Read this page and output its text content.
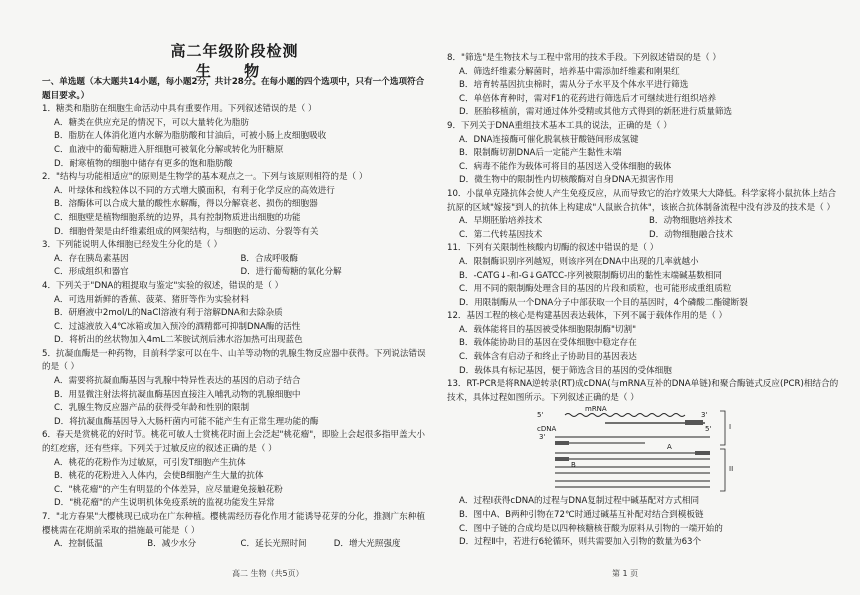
高二年级阶段检测
生 物

一、单选题（本大题共14小题，每小题2分，共计28分。在每小题的四个选项中，只有一个选项符合题目要求。）

1．糖类和脂肪在细胞生命活动中具有重要作用。下列叙述错误的是（ ）

A．糖类在供应充足的情况下，可以大量转化为脂肪

B．脂肪在人体消化道内水解为脂肪酸和甘油后，可被小肠上皮细胞吸收

C．血液中的葡萄糖进入肝细胞可被氧化分解或转化为肝糖原

D．耐寒植物的细胞中储存有更多的饱和脂肪酸

2．"结构与功能相适应"的原则是生物学的基本观点之一。下列与该原则相符的是（ ）

A．叶绿体和线粒体以不同的方式增大膜面积，有利于化学反应的高效进行

B．溶酶体可以合成大量的酸性水解酶，得以分解衰老、损伤的细胞器

C．细胞壁是植物细胞系统的边界，具有控制物质进出细胞的功能

D．细胞骨架是由纤维素组成的网架结构，与细胞的运动、分裂等有关

3．下列能说明人体细胞已经发生分化的是（ ）

A．存在胰岛素基因	B．合成呼吸酶
C．形成组织和器官	D．进行葡萄糖的氧化分解

4．下列关于"DNA的粗提取与鉴定"实验的叙述，错误的是（ ）

A．可选用新鲜的香蕉、菠菜、猪肝等作为实验材料

B．研磨液中2mol/L的NaCl溶液有利于溶解DNA和去除杂质

C．过滤液放入4℃冰箱或加入预冷的酒精都可抑制DNA酶的活性

D．将析出的丝状物加入4mL二苯胺试剂后沸水浴加热可出现蓝色

5．抗凝血酶是一种药物，目前科学家可以在牛、山羊等动物的乳腺生物反应器中获得。下列说法错误的是（ ）

A．需要将抗凝血酶基因与乳腺中特异性表达的基因的启动子结合

B．用显微注射法将抗凝血酶基因直接注入哺乳动物的乳腺细胞中

C．乳腺生物反应器产品的获得受年龄和性别的限制

D．将抗凝血酶基因导入大肠杆菌内可能不能产生有正常生理功能的酶

6．春天是赏桃花的好时节。桃花可敏人士赏桃花时面上会泛起"桃花瘤"，即脸上会起很多指甲盖大小的红疙瘩，还有些痒。下列关于过敏反应的叙述正确的是（ ）

A．桃花的花粉作为过敏原，可引发T细胞产生抗体

B．桃花的花粉进入人体内，会使B细胞产生大量的抗体

C．"桃花瘤"的产生有明显的个体差异，应尽量避免接触花粉

D．"桃花瘤"的产生说明机体免疫系统的监视功能发生异常

7．"北方春果"大樱桃现已成功在广东种植。樱桃需经历春化作用才能诱导花芽的分化，推测广东种植樱桃需在花期前采取的措施最可能是（ ）

A．控制低温	B．减少水分	C．延长光照时间	D．增大光照强度

8．"筛选"是生物技术与工程中常用的技术手段。下列叙述错误的是（ ）

A．筛选纤维素分解菌时，培养基中需添加纤维素和刚果红

B．培育转基因抗虫棉时，需从分子水平及个体水平进行筛选

C．单倍体育种时，需对F1的花药进行筛选后才可继续进行组织培养

D．胚胎移植前，需对通过体外受精或其他方式得到的新胚进行质量筛选

9．下列关于DNA重组技术基本工具的说法，正确的是（ ）

A．DNA连接酶可催化脱氧核苷酸链间形成氢键

B．限制酶切割DNA后一定能产生黏性末端

C．病毒不能作为载体可将目的基因送入受体细胞的载体

D．微生物中的限制性内切核酸酶对自身DNA无损害作用

10．小鼠单克隆抗体会使人产生免疫反应，从而导致它的治疗效果大大降低。科学家将小鼠抗体上结合抗原的区域"嫁接"到人的抗体上构建成"人鼠嵌合抗体"，该嵌合抗体制备流程中没有涉及的技术是（ ）

A．早期胚胎培养技术	B．动物细胞培养技术
C．第二代转基因技术	D．动物细胞融合技术

11．下列有关限制性核酸内切酶的叙述中错误的是（ ）

A．限制酶识别序列越短，则该序列在DNA中出现的几率就越小

B．-CATG↓-和-G↓GATCC-序列被限制酶切出的黏性末端碱基数相同

C．用不同的限制酶处理含目的基因的片段和质粒，也可能形成重组质粒

D．用限制酶从一个DNA分子中部获取一个目的基因时，4个磷酸二酯键断裂

12．基因工程的核心是构建基因表达载体，下列不属于载体作用的是（ ）

A．载体能将目的基因被受体细胞限制酶"切割"

B．载体能协助目的基因在受体细胞中稳定存在

C．载体含有启动子和终止子协助目的基因表达

D．载体具有标记基因，便于筛选含目的基因的受体细胞

13．RT-PCR是将RNA逆转录(RT)成cDNA(与mRNA互补的DNA单链)和聚合酶链式反应(PCR)相结合的技术，具体过程如图所示。下列叙述正确的是（ ）

mRNA
5'	3'
cDNA	5'
3'
A
B
I
II

A．过程Ⅰ获得cDNA的过程与DNA复制过程中碱基配对方式相同

B．图中A、B两种引物在72℃时通过碱基互补配对结合到模板链

C．图中子链的合成均是以四种核糖核苷酸为原料从引物的一端开始的

D．过程Ⅱ中，若进行6轮循环，则共需要加入引物的数量为63个

高二 生物（共5页）	第 1 页
